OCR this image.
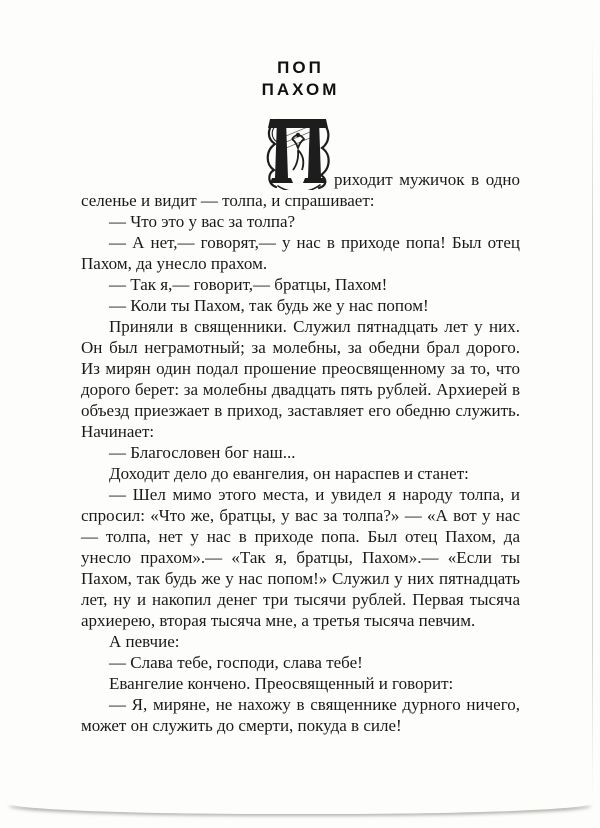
ПОП
ПАХОМ

риходит мужичок в одно селенье и видит — толпа, и спрашивает:

— Что это у вас за толпа?

— А нет,— говорят,— у нас в приходе попа! Был отец Пахом, да унесло прахом.

— Так я,— говорит,— братцы, Пахом!

— Коли ты Пахом, так будь же у нас попом!

Приняли в священники. Служил пятнадцать лет у них. Он был неграмотный; за молебны, за обедни брал дорого. Из мирян один подал прошение преосвященному за то, что дорого берет: за молебны двадцать пять рублей. Архиерей в объезд приезжает в приход, заставляет его обедню служить. Начинает:

— Благословен бог наш...

Доходит дело до евангелия, он нараспев и станет:

— Шел мимо этого места, и увидел я народу толпа, и спросил: «Что же, братцы, у вас за толпа?» — «А вот у нас — толпа, нет у нас в приходе попа. Был отец Пахом, да унесло прахом».— «Так я, братцы, Пахом».— «Если ты Пахом, так будь же у нас попом!» Служил у них пятнадцать лет, ну и накопил денег три тысячи рублей. Первая тысяча архиерею, вторая тысяча мне, а третья тысяча певчим.

А певчие:

— Слава тебе, господи, слава тебе!

Евангелие кончено. Преосвященный и говорит:

— Я, миряне, не нахожу в священнике дурного ничего, может он служить до смерти, покуда в силе!
